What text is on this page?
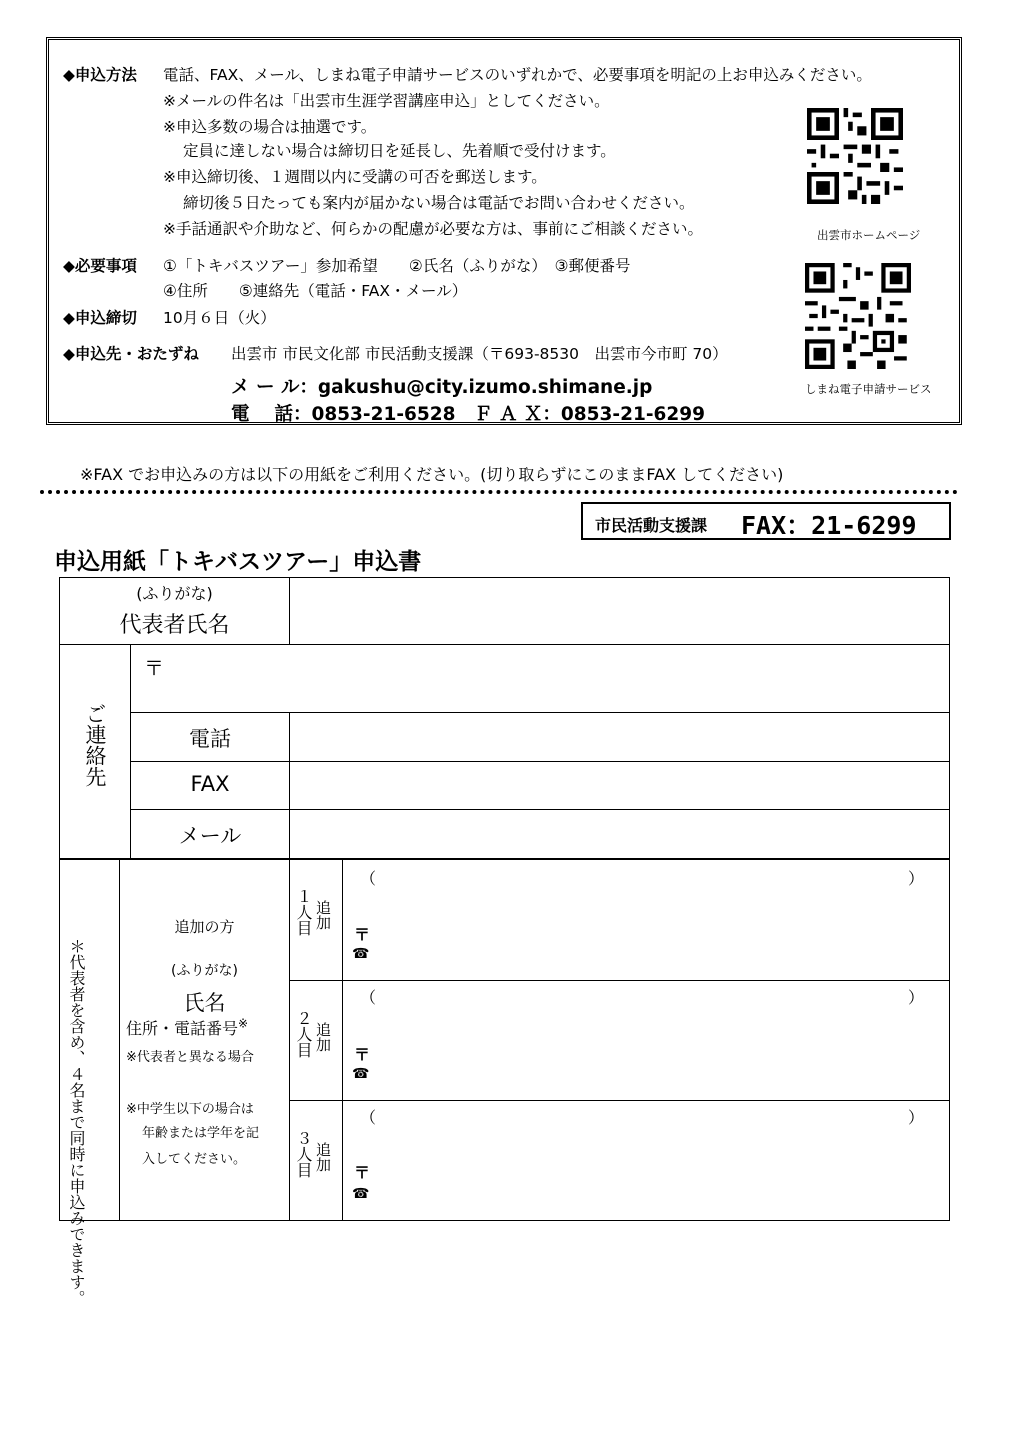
◆申込方法 電話、FAX、メール、しまね電子申請サービスのいずれかで、必要事項を明記の上お申込みください。
※メールの件名は「出雲市生涯学習講座申込」としてください。
※申込多数の場合は抽選です。
定員に達しない場合は締切日を延長し、先着順で受付けます。
※申込締切後、１週間以内に受講の可否を郵送します。
締切後５日たっても案内が届かない場合は電話でお問い合わせください。
※手話通訳や介助など、何らかの配慮が必要な方は、事前にご相談ください。
◆必要事項 ①「トキバスツアー」参加希望　　②氏名（ふりがな）　③郵便番号
④住所　　⑤連絡先（電話・FAX・メール）
◆申込締切 10月６日（火）
◆申込先・おたずね 出雲市 市民文化部 市民活動支援課（〒693-8530　出雲市今市町 70）
メ ー ル：gakushu@city.izumo.shimane.jp
電　 話：0853-21-6528　Ｆ Ａ Ｘ：0853-21-6299
出雲市ホームページ
しまね電子申請サービス
※FAX でお申込みの方は以下の用紙をご利用ください。(切り取らずにこのままFAX してください)
市民活動支援課 FAX：21-6299
申込用紙「トキバスツアー」申込書
(ふりがな)
代表者氏名
ご連絡先
〒
電話
FAX
メール
＊代表者を含め、４名まで同時に申込みできます。
追加の方
(ふりがな)
氏名
住所・電話番号※
※代表者と異なる場合
※中学生以下の場合は
年齢または学年を記
入してください。
１人目 追加
（	）
〒
☎
２人目 追加
（	）
〒
☎
３人目 追加
（	）
〒
☎
